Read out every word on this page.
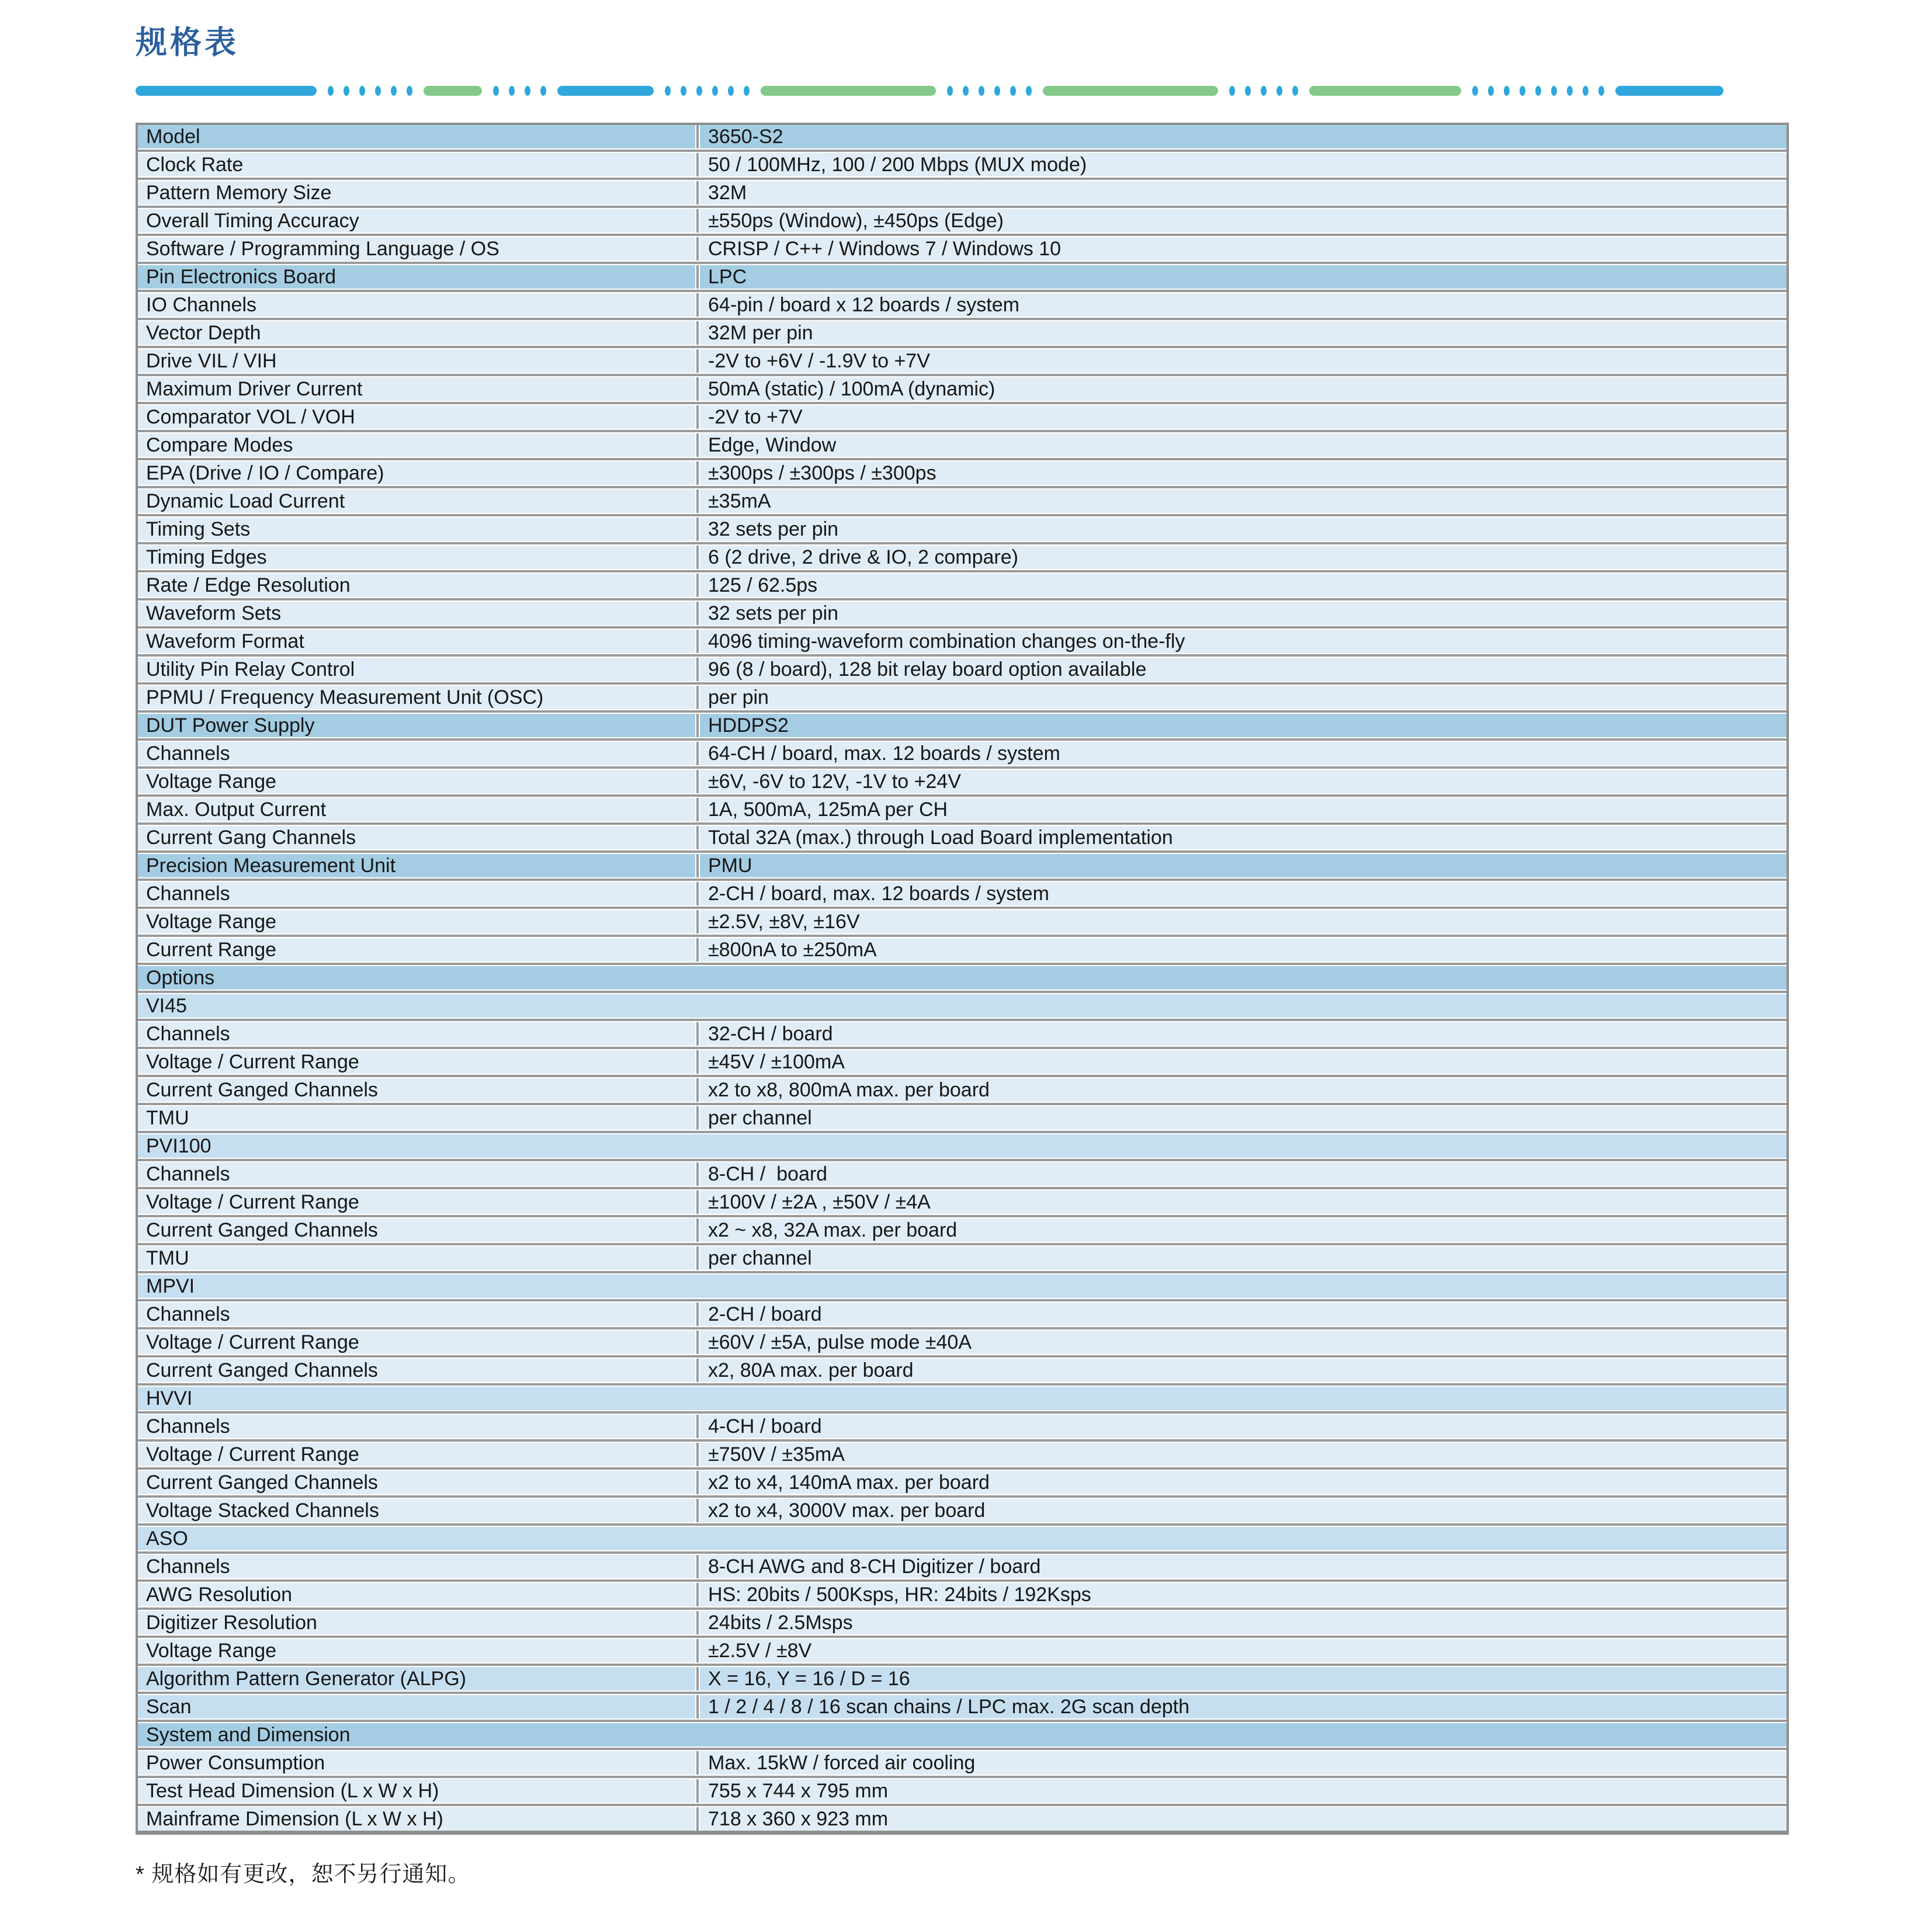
规格表
Model	3650-S2
Clock Rate	50 / 100MHz, 100 / 200 Mbps (MUX mode)
Pattern Memory Size	32M
Overall Timing Accuracy	±550ps (Window), ±450ps (Edge)
Software / Programming Language / OS	CRISP / C++ / Windows 7 / Windows 10
Pin Electronics Board	LPC
IO Channels	64-pin / board x 12 boards / system
Vector Depth	32M per pin
Drive VIL / VIH	-2V to +6V / -1.9V to +7V
Maximum Driver Current	50mA (static) / 100mA (dynamic)
Comparator VOL / VOH	-2V to +7V
Compare Modes	Edge, Window
EPA (Drive / IO / Compare)	±300ps / ±300ps / ±300ps
Dynamic Load Current	±35mA
Timing Sets	32 sets per pin
Timing Edges	6 (2 drive, 2 drive & IO, 2 compare)
Rate / Edge Resolution	125 / 62.5ps
Waveform Sets	32 sets per pin
Waveform Format	4096 timing-waveform combination changes on-the-fly
Utility Pin Relay Control	96 (8 / board), 128 bit relay board option available
PPMU / Frequency Measurement Unit (OSC)	per pin
DUT Power Supply	HDDPS2
Channels	64-CH / board, max. 12 boards / system
Voltage Range	±6V, -6V to 12V, -1V to +24V
Max. Output Current	1A, 500mA, 125mA per CH
Current Gang Channels	Total 32A (max.) through Load Board implementation
Precision Measurement Unit	PMU
Channels	2-CH / board, max. 12 boards / system
Voltage Range	±2.5V, ±8V, ±16V
Current Range	±800nA to ±250mA
Options
VI45
Channels	32-CH / board
Voltage / Current Range	±45V / ±100mA
Current Ganged Channels	x2 to x8, 800mA max. per board
TMU	per channel
PVI100
Channels	8-CH /  board
Voltage / Current Range	±100V / ±2A , ±50V / ±4A
Current Ganged Channels	x2 ~ x8, 32A max. per board
TMU	per channel
MPVI
Channels	2-CH / board
Voltage / Current Range	±60V / ±5A, pulse mode ±40A
Current Ganged Channels	x2, 80A max. per board
HVVI
Channels	4-CH / board
Voltage / Current Range	±750V / ±35mA
Current Ganged Channels	x2 to x4, 140mA max. per board
Voltage Stacked Channels	x2 to x4, 3000V max. per board
ASO
Channels	8-CH AWG and 8-CH Digitizer / board
AWG Resolution	HS: 20bits / 500Ksps, HR: 24bits / 192Ksps
Digitizer Resolution	24bits / 2.5Msps
Voltage Range	±2.5V / ±8V
Algorithm Pattern Generator (ALPG)	X = 16, Y = 16 / D = 16
Scan	1 / 2 / 4 / 8 / 16 scan chains / LPC max. 2G scan depth
System and Dimension
Power Consumption	Max. 15kW / forced air cooling
Test Head Dimension (L x W x H)	755 x 744 x 795 mm
Mainframe Dimension (L x W x H)	718 x 360 x 923 mm
* 规格如有更改，恕不另行通知。
